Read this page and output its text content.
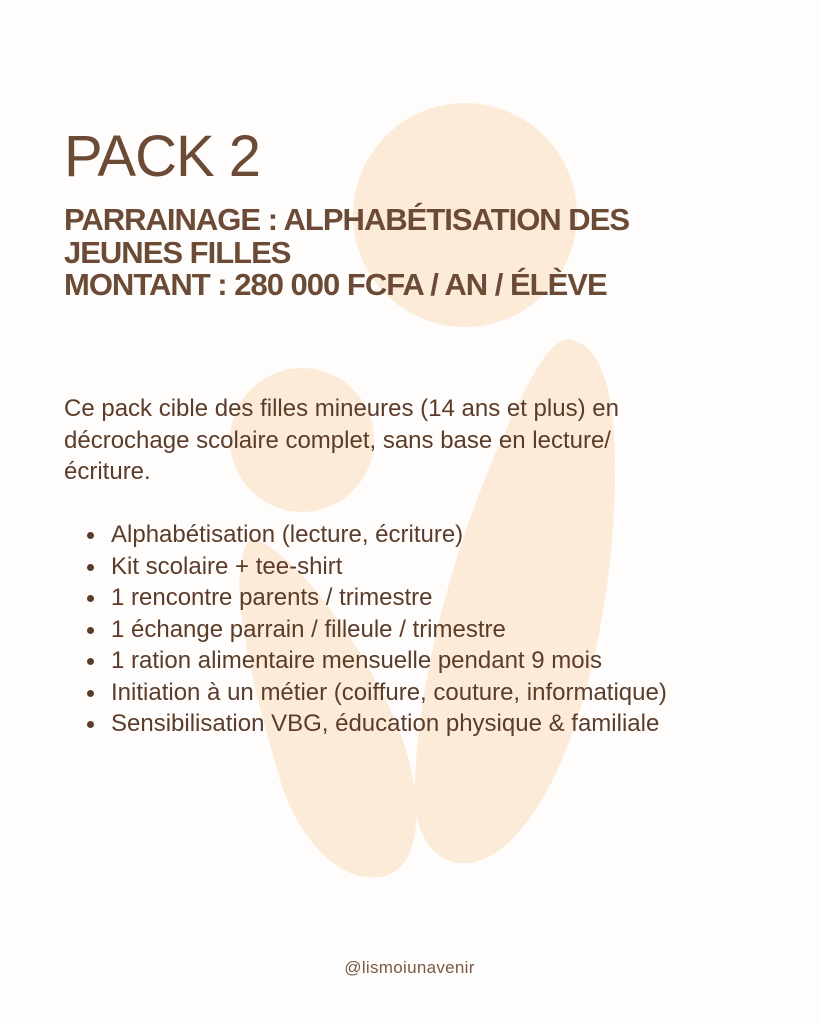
PACK 2
PARRAINAGE : ALPHABÉTISATION DES
JEUNES FILLES
MONTANT : 280 000 FCFA / AN / ÉLÈVE

Ce pack cible des filles mineures (14 ans et plus) en décrochage scolaire complet, sans base en lecture/écriture.

Alphabétisation (lecture, écriture)
Kit scolaire + tee-shirt
1 rencontre parents / trimestre
1 échange parrain / filleule / trimestre
1 ration alimentaire mensuelle pendant 9 mois
Initiation à un métier (coiffure, couture, informatique)
Sensibilisation VBG, éducation physique & familiale
@lismoiunavenir
